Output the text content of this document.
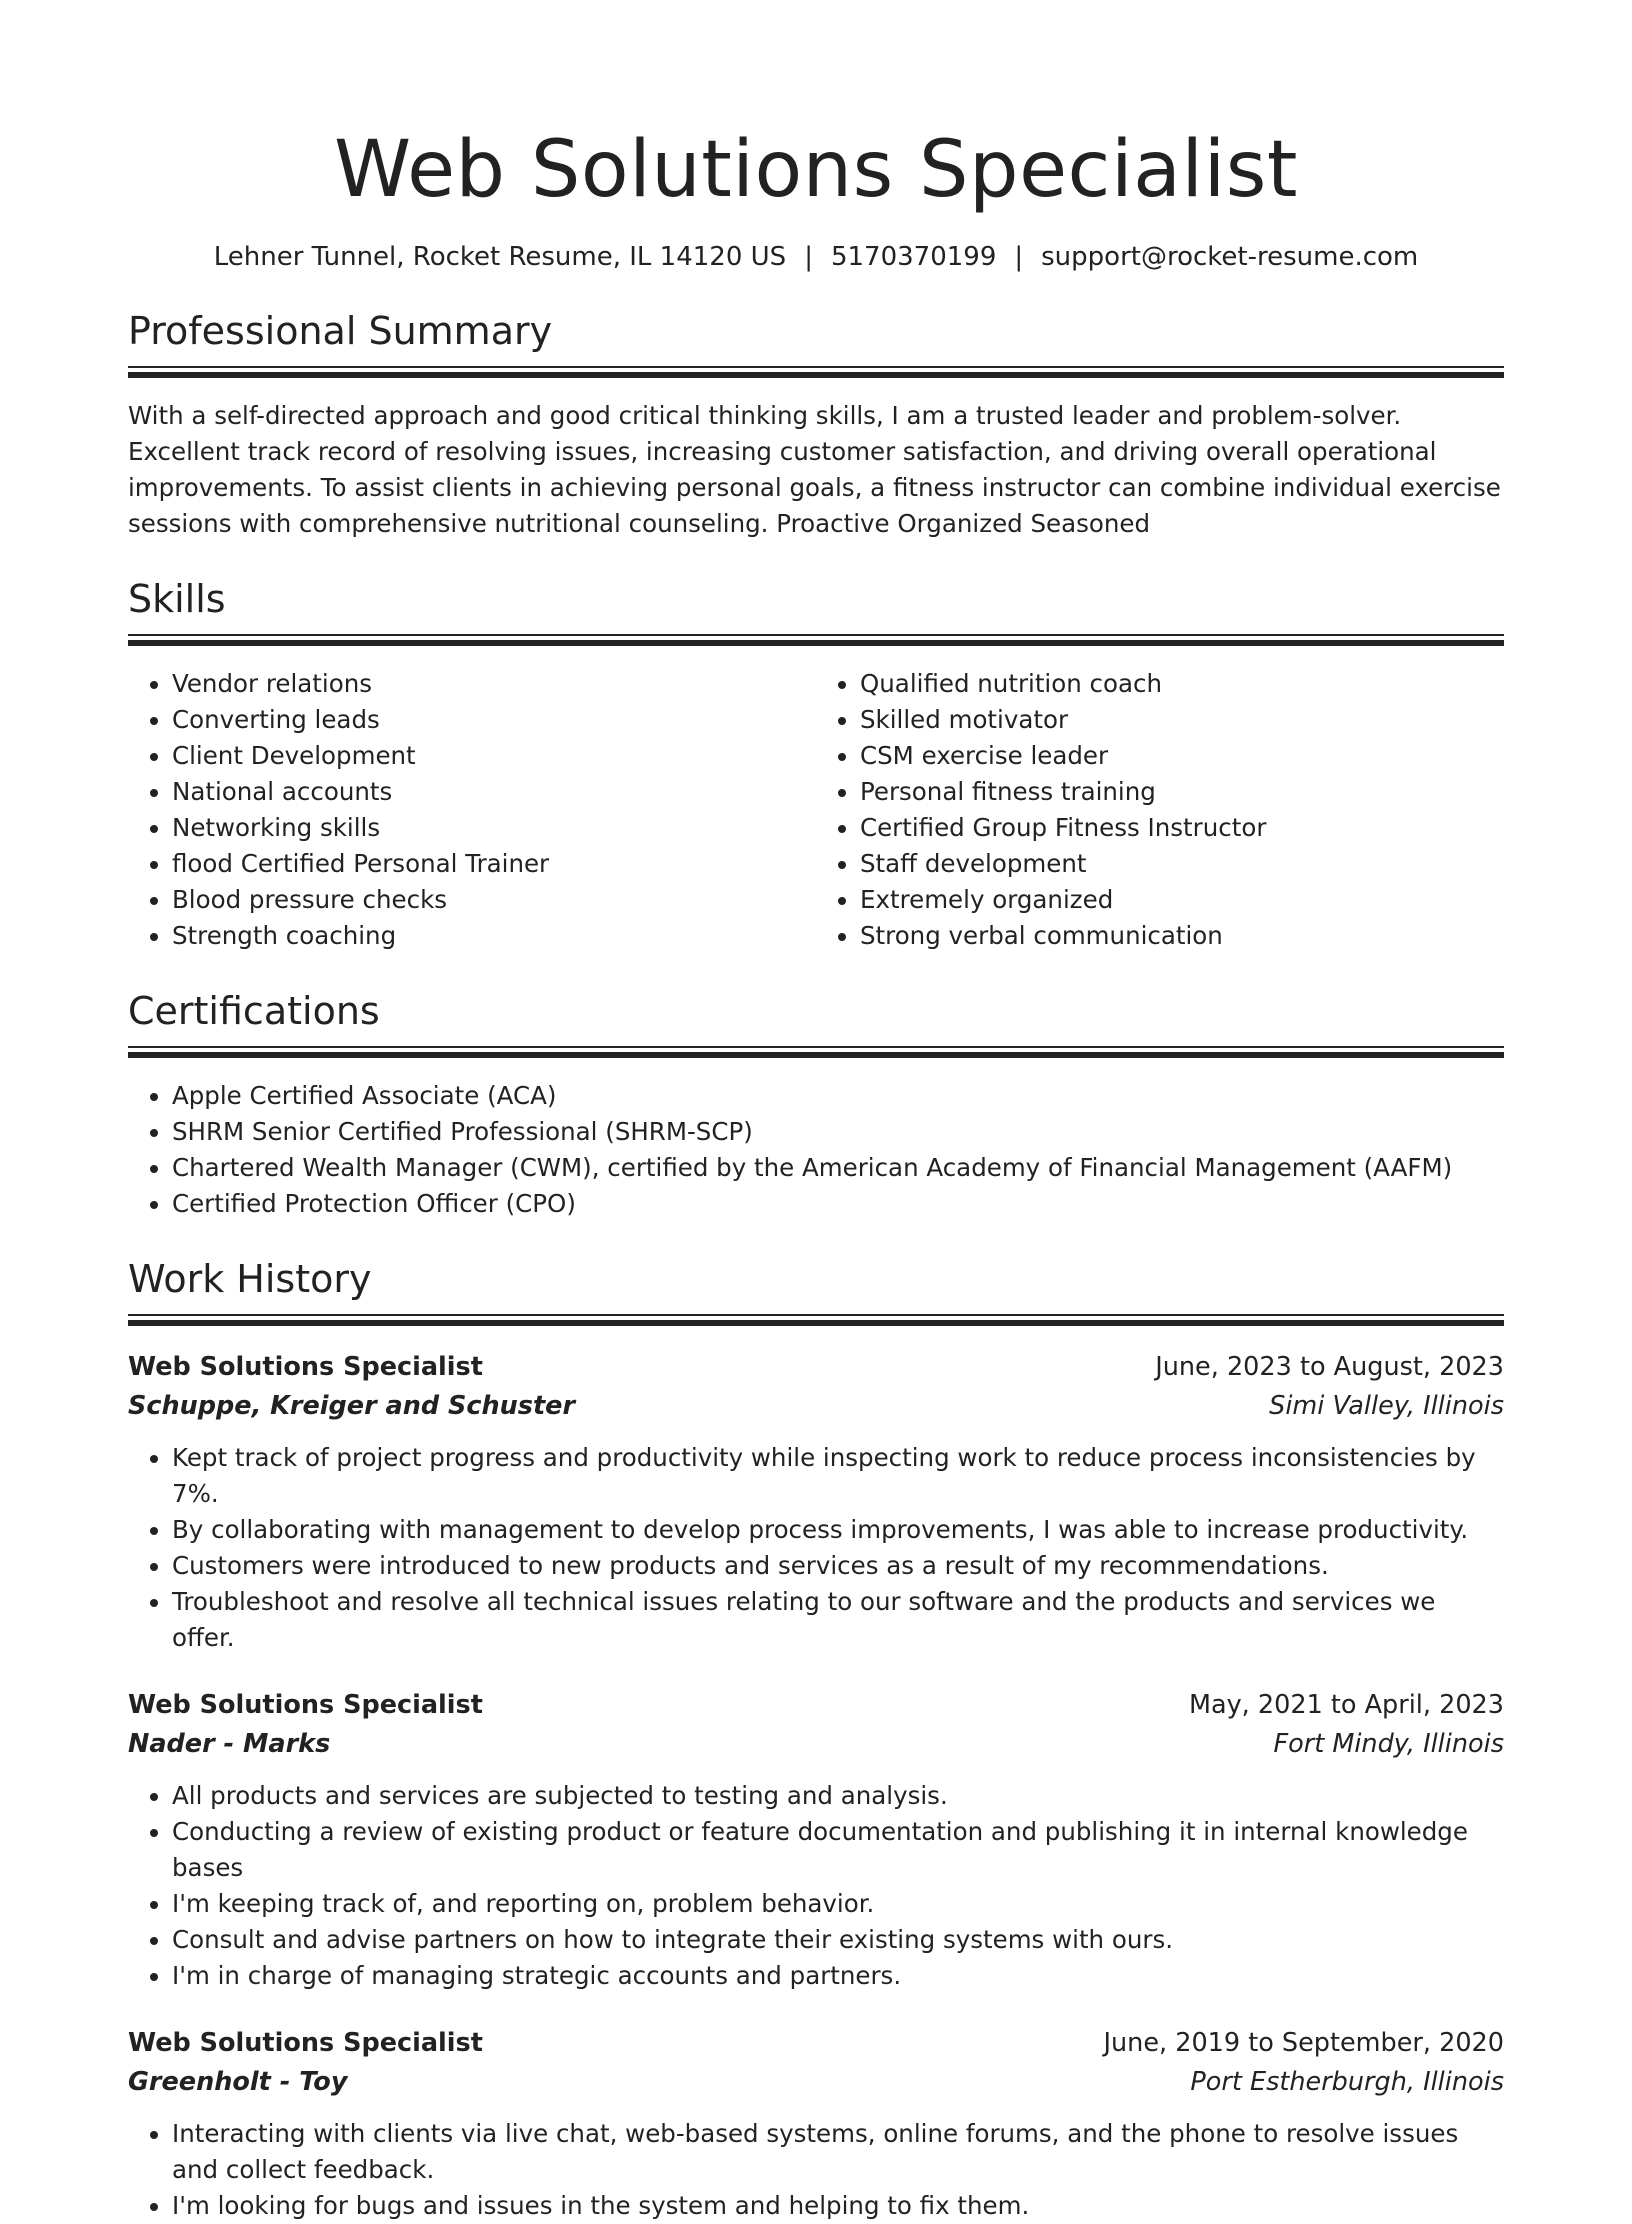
Web Solutions Specialist
Lehner Tunnel, Rocket Resume, IL 14120 US | 5170370199 | support@rocket-resume.com
Professional Summary
With a self-directed approach and good critical thinking skills, I am a trusted leader and problem-solver. Excellent track record of resolving issues, increasing customer satisfaction, and driving overall operational improvements. To assist clients in achieving personal goals, a fitness instructor can combine individual exercise sessions with comprehensive nutritional counseling. Proactive Organized Seasoned
Skills
• Vendor relations
• Converting leads
• Client Development
• National accounts
• Networking skills
• flood Certified Personal Trainer
• Blood pressure checks
• Strength coaching
• Qualified nutrition coach
• Skilled motivator
• CSM exercise leader
• Personal fitness training
• Certified Group Fitness Instructor
• Staff development
• Extremely organized
• Strong verbal communication
Certifications
• Apple Certified Associate (ACA)
• SHRM Senior Certified Professional (SHRM-SCP)
• Chartered Wealth Manager (CWM), certified by the American Academy of Financial Management (AAFM)
• Certified Protection Officer (CPO)
Work History
Web Solutions Specialist	June, 2023 to August, 2023
Schuppe, Kreiger and Schuster	Simi Valley, Illinois
• Kept track of project progress and productivity while inspecting work to reduce process inconsistencies by 7%.
• By collaborating with management to develop process improvements, I was able to increase productivity.
• Customers were introduced to new products and services as a result of my recommendations.
• Troubleshoot and resolve all technical issues relating to our software and the products and services we offer.
Web Solutions Specialist	May, 2021 to April, 2023
Nader - Marks	Fort Mindy, Illinois
• All products and services are subjected to testing and analysis.
• Conducting a review of existing product or feature documentation and publishing it in internal knowledge bases
• I'm keeping track of, and reporting on, problem behavior.
• Consult and advise partners on how to integrate their existing systems with ours.
• I'm in charge of managing strategic accounts and partners.
Web Solutions Specialist	June, 2019 to September, 2020
Greenholt - Toy	Port Estherburgh, Illinois
• Interacting with clients via live chat, web-based systems, online forums, and the phone to resolve issues and collect feedback.
• I'm looking for bugs and issues in the system and helping to fix them.
